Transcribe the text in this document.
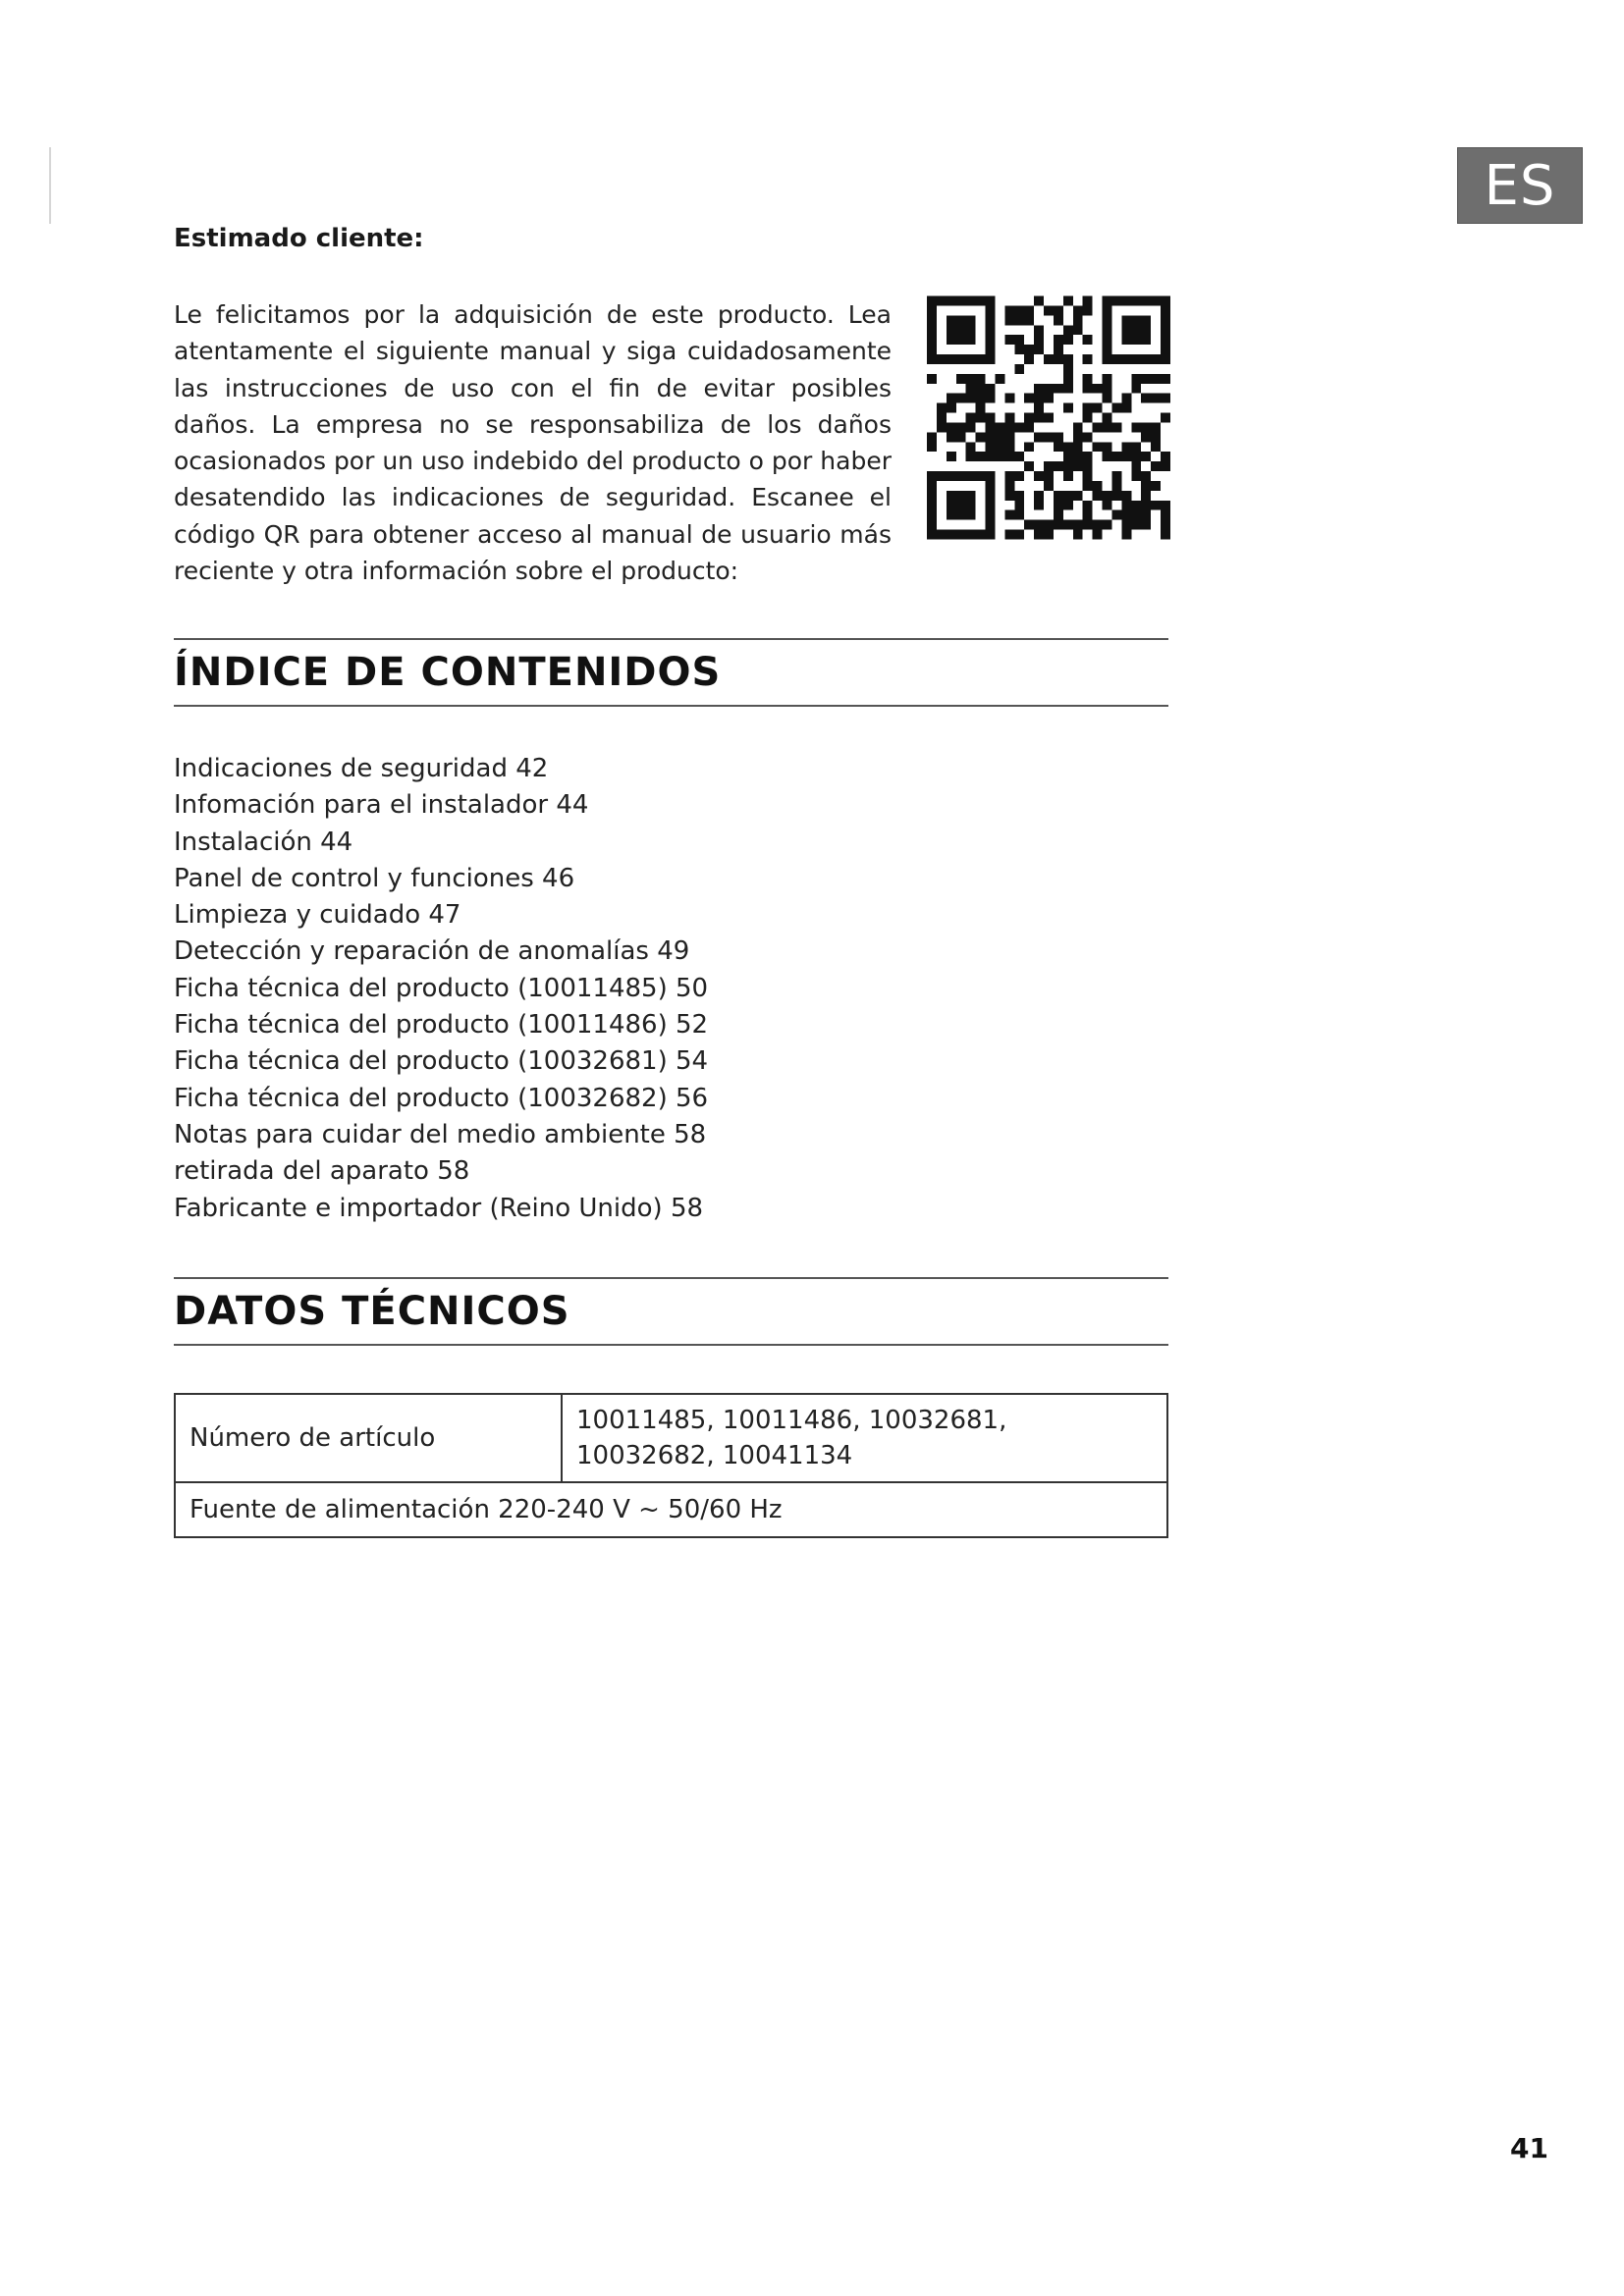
ES
Estimado cliente:

Le felicitamos por la adquisición de este producto. Lea atentamente el siguiente manual y siga cuidadosamente las instrucciones de uso con el fin de evitar posibles daños. La empresa no se responsabiliza de los daños ocasionados por un uso indebido del producto o por haber desatendido las indicaciones de seguridad. Escanee el código QR para obtener acceso al manual de usuario más reciente y otra información sobre el producto:

ÍNDICE DE CONTENIDOS
Indicaciones de seguridad 42
Infomación para el instalador 44
Instalación 44
Panel de control y funciones 46
Limpieza y cuidado 47
Detección y reparación de anomalías 49
Ficha técnica del producto (10011485) 50
Ficha técnica del producto (10011486) 52
Ficha técnica del producto (10032681) 54
Ficha técnica del producto (10032682) 56
Notas para cuidar del medio ambiente 58
retirada del aparato 58
Fabricante e importador (Reino Unido) 58
DATOS TÉCNICOS
Número de artículo	10011485, 10011486, 10032681, 10032682, 10041134
Fuente de alimentación 220-240 V ~ 50/60 Hz
41
